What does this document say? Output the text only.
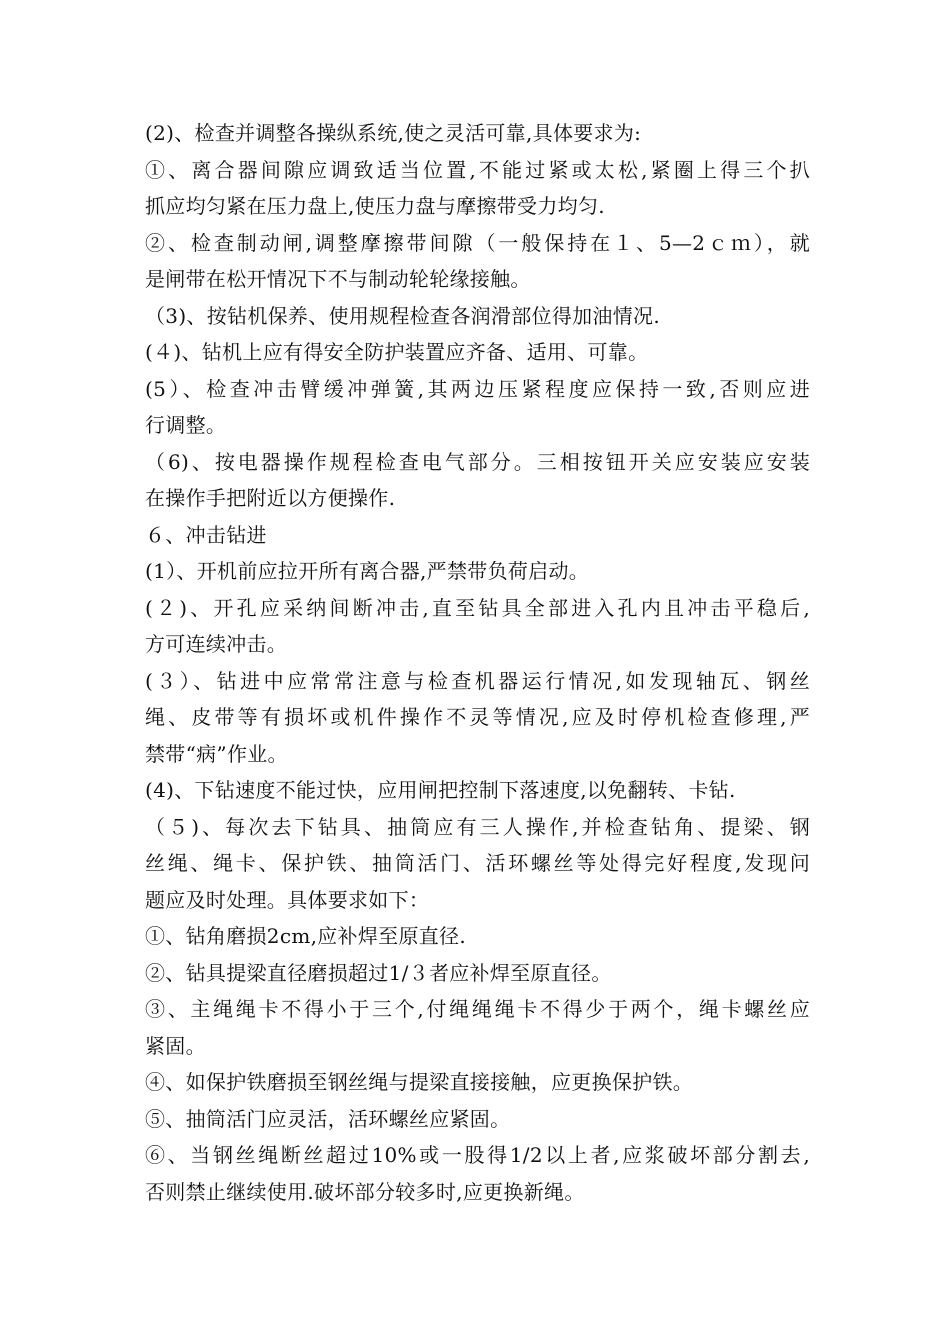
(2)、检查并调整各操纵系统,使之灵活可靠,具体要求为:
①、离合器间隙应调致适当位置,不能过紧或太松,紧圈上得三个扒
抓应均匀紧在压力盘上,使压力盘与摩擦带受力均匀.
②、检查制动闸,调整摩擦带间隙（一般保持在１、5—2ｃｍ），就
是闸带在松开情况下不与制动轮轮缘接触。
（3)、按钻机保养、使用规程检查各润滑部位得加油情况.
(４)、钻机上应有得安全防护装置应齐备、适用、可靠。
(5）、检查冲击臂缓冲弹簧,其两边压紧程度应保持一致,否则应进
行调整。
（6)、按电器操作规程检查电气部分。三相按钮开关应安装应安装
在操作手把附近以方便操作.
６、冲击钻进
(1）、开机前应拉开所有离合器,严禁带负荷启动。
(２)、开孔应采纳间断冲击,直至钻具全部进入孔内且冲击平稳后,
方可连续冲击。
(３）、钻进中应常常注意与检查机器运行情况,如发现轴瓦、钢丝
绳、皮带等有损坏或机件操作不灵等情况,应及时停机检查修理,严
禁带“病”作业。
(4)、下钻速度不能过快，应用闸把控制下落速度,以免翻转、卡钻.
（５)、每次去下钻具、抽筒应有三人操作,并检查钻角、提梁、钢
丝绳、绳卡、保护铁、抽筒活门、活环螺丝等处得完好程度,发现问
题应及时处理。具体要求如下：
①、钻角磨损2cm,应补焊至原直径.
②、钻具提梁直径磨损超过1/３者应补焊至原直径。
③、主绳绳卡不得小于三个,付绳绳绳卡不得少于两个，绳卡螺丝应
紧固。
④、如保护铁磨损至钢丝绳与提梁直接接触，应更换保护铁。
⑤、抽筒活门应灵活，活环螺丝应紧固。
⑥、当钢丝绳断丝超过10%或一股得1/2以上者,应浆破坏部分割去,
否则禁止继续使用.破坏部分较多时,应更换新绳。
